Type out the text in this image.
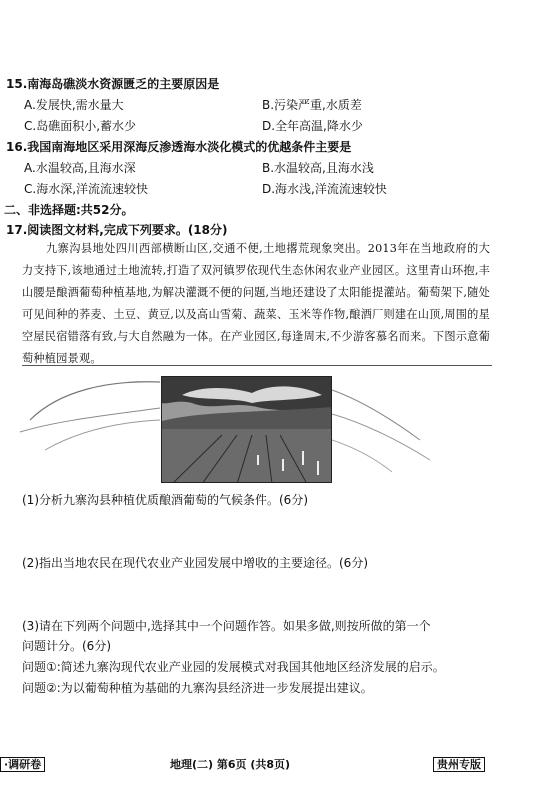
15.南海岛礁淡水资源匮乏的主要原因是
A.发展快,需水量大	B.污染严重,水质差
C.岛礁面积小,蓄水少	D.全年高温,降水少
16.我国南海地区采用深海反渗透海水淡化模式的优越条件主要是
A.水温较高,且海水深	B.水温较高,且海水浅
C.海水深,洋流流速较快	D.海水浅,洋流流速较快
二、非选择题:共52分。
17.阅读图文材料,完成下列要求。(18分)
九寨沟县地处四川西部横断山区,交通不便,土地撂荒现象突出。2013年在当地政府的大力支持下,该地通过土地流转,打造了双河镇罗依现代生态休闲农业产业园区。这里青山环抱,丰山腰是酿酒葡萄种植基地,为解决灌溉不便的问题,当地还建设了太阳能提灌站。葡萄架下,随处可见间种的荞麦、土豆、黄豆,以及高山雪菊、蔬菜、玉米等作物,酿酒厂则建在山顶,周围的星空屋民宿错落有致,与大自然融为一体。在产业园区,每逢周末,不少游客慕名而来。下图示意葡萄种植园景观。
(1)分析九寨沟县种植优质酿酒葡萄的气候条件。(6分)
(2)指出当地农民在现代农业产业园发展中增收的主要途径。(6分)
(3)请在下列两个问题中,选择其中一个问题作答。如果多做,则按所做的第一个
问题计分。(6分)
问题①:简述九寨沟现代农业产业园的发展模式对我国其他地区经济发展的启示。
问题②:为以葡萄种植为基础的九寨沟县经济进一步发展提出建议。
·调研卷	地理(二) 第6页 (共8页)	贵州专版
